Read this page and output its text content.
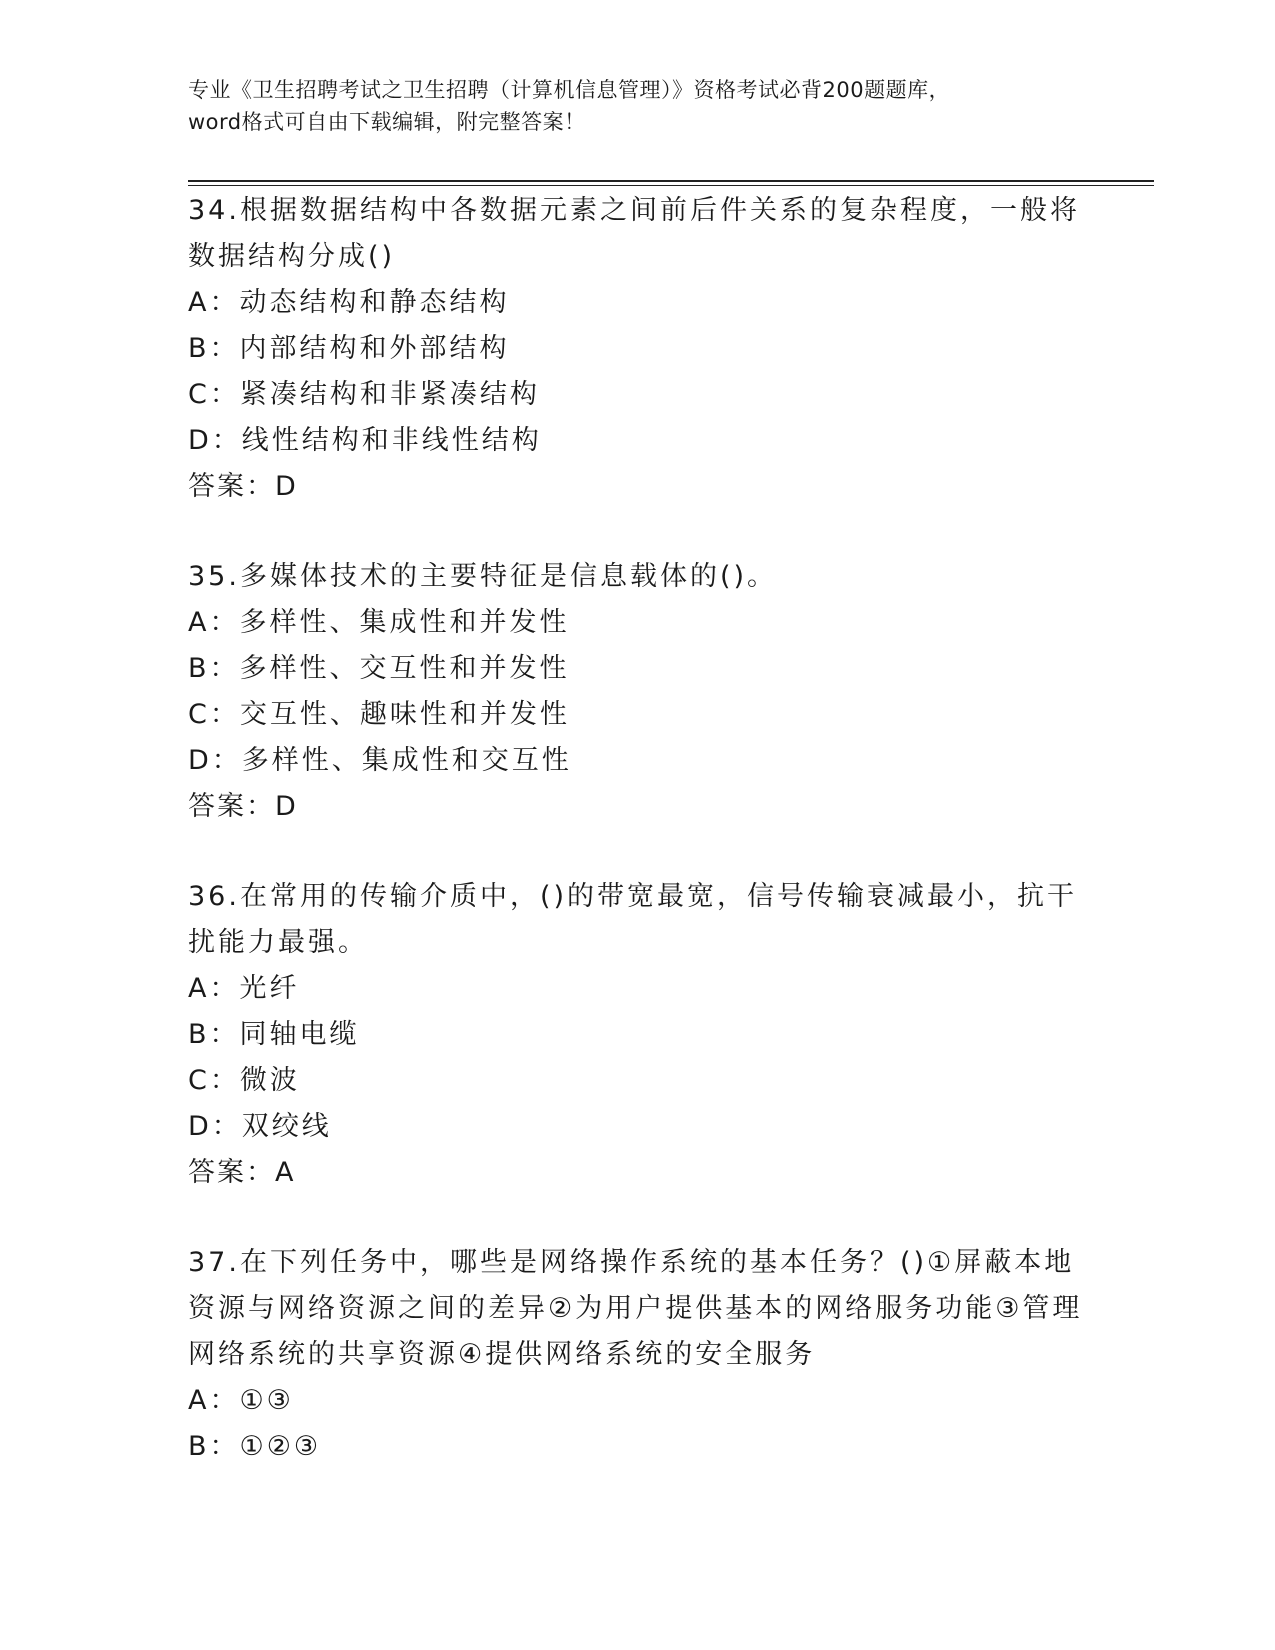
专业《卫生招聘考试之卫生招聘（计算机信息管理）》资格考试必背200题题库，
word格式可自由下载编辑，附完整答案！

34.根据数据结构中各数据元素之间前后件关系的复杂程度，一般将数据结构分成()

A：动态结构和静态结构

B：内部结构和外部结构

C：紧凑结构和非紧凑结构

D：线性结构和非线性结构

答案：D

35.多媒体技术的主要特征是信息载体的()。

A：多样性、集成性和并发性

B：多样性、交互性和并发性

C：交互性、趣味性和并发性

D：多样性、集成性和交互性

答案：D

36.在常用的传输介质中，()的带宽最宽，信号传输衰减最小，抗干扰能力最强。

A：光纤

B：同轴电缆

C：微波

D：双绞线

答案：A

37.在下列任务中，哪些是网络操作系统的基本任务？()①屏蔽本地资源与网络资源之间的差异②为用户提供基本的网络服务功能③管理网络系统的共享资源④提供网络系统的安全服务

A：①③

B：①②③
